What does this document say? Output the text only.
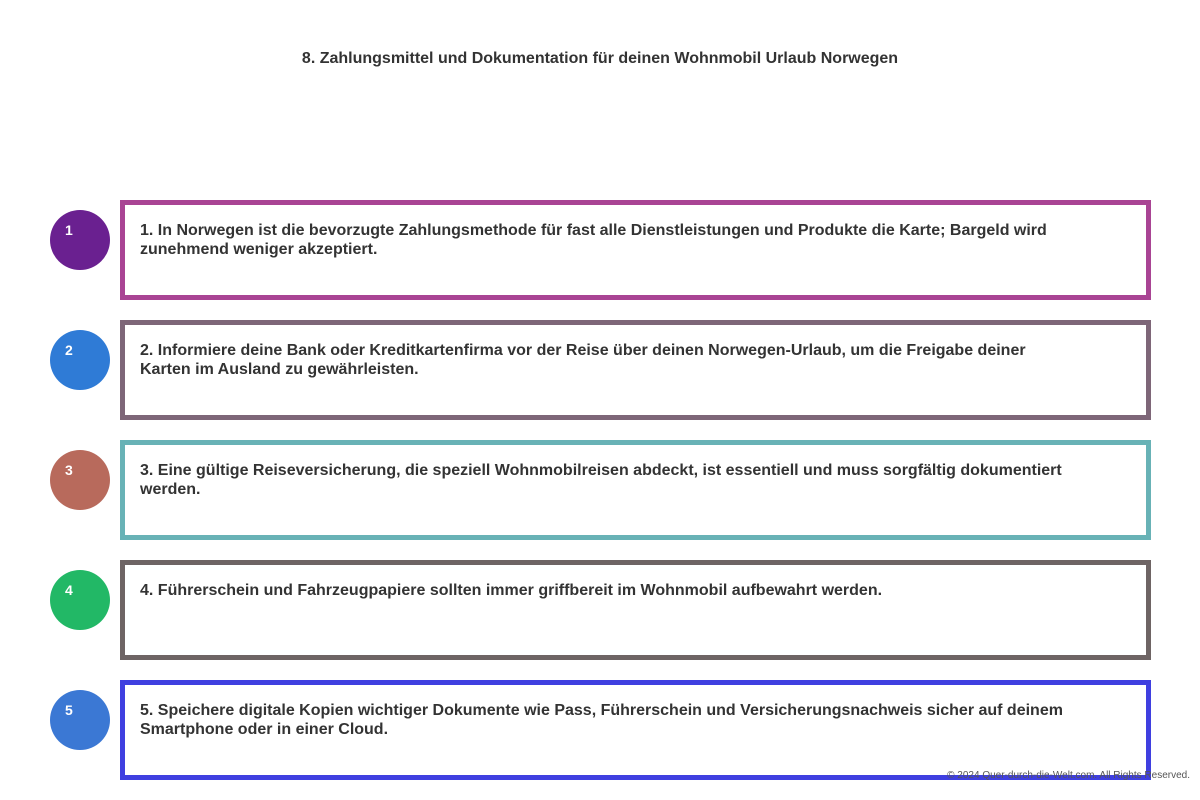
8. Zahlungsmittel und Dokumentation für deinen Wohnmobil Urlaub Norwegen
1	1. In Norwegen ist die bevorzugte Zahlungsmethode für fast alle Dienstleistungen und Produkte die Karte; Bargeld wird zunehmend weniger akzeptiert.
2	2. Informiere deine Bank oder Kreditkartenfirma vor der Reise über deinen Norwegen-Urlaub, um die Freigabe deiner Karten im Ausland zu gewährleisten.
3	3. Eine gültige Reiseversicherung, die speziell Wohnmobilreisen abdeckt, ist essentiell und muss sorgfältig dokumentiert werden.
4	4. Führerschein und Fahrzeugpapiere sollten immer griffbereit im Wohnmobil aufbewahrt werden.
5	5. Speichere digitale Kopien wichtiger Dokumente wie Pass, Führerschein und Versicherungsnachweis sicher auf deinem Smartphone oder in einer Cloud.
© 2024 Quer-durch-die-Welt.com. All Rights Reserved.
